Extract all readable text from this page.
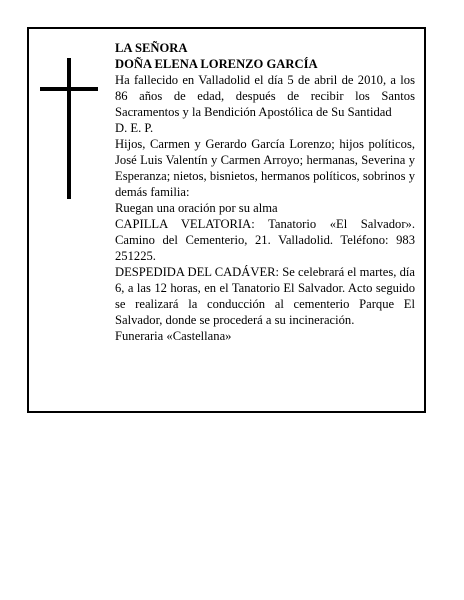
LA SEÑORA

DOÑA ELENA LORENZO GARCÍA

Ha fallecido en Valladolid el día 5 de abril de 2010, a los 86 años de edad, después de recibir los Santos Sacramentos y la Bendición Apostólica de Su Santidad

D. E. P.

Hijos, Carmen y Gerardo García Lorenzo; hijos políticos, José Luis Valentín y Carmen Arroyo; hermanas, Severina y Esperanza; nietos, bisnietos, hermanos políticos, sobrinos y demás familia:

Ruegan una oración por su alma

CAPILLA VELATORIA: Tanatorio «El Salvador». Camino del Cementerio, 21. Valladolid. Teléfono: 983 251225.

DESPEDIDA DEL CADÁVER: Se celebrará el martes, día 6, a las 12 horas, en el Tanatorio El Salvador. Acto seguido se realizará la conducción al cementerio Parque El Salvador, donde se procederá a su incineración.

Funeraria «Castellana»
